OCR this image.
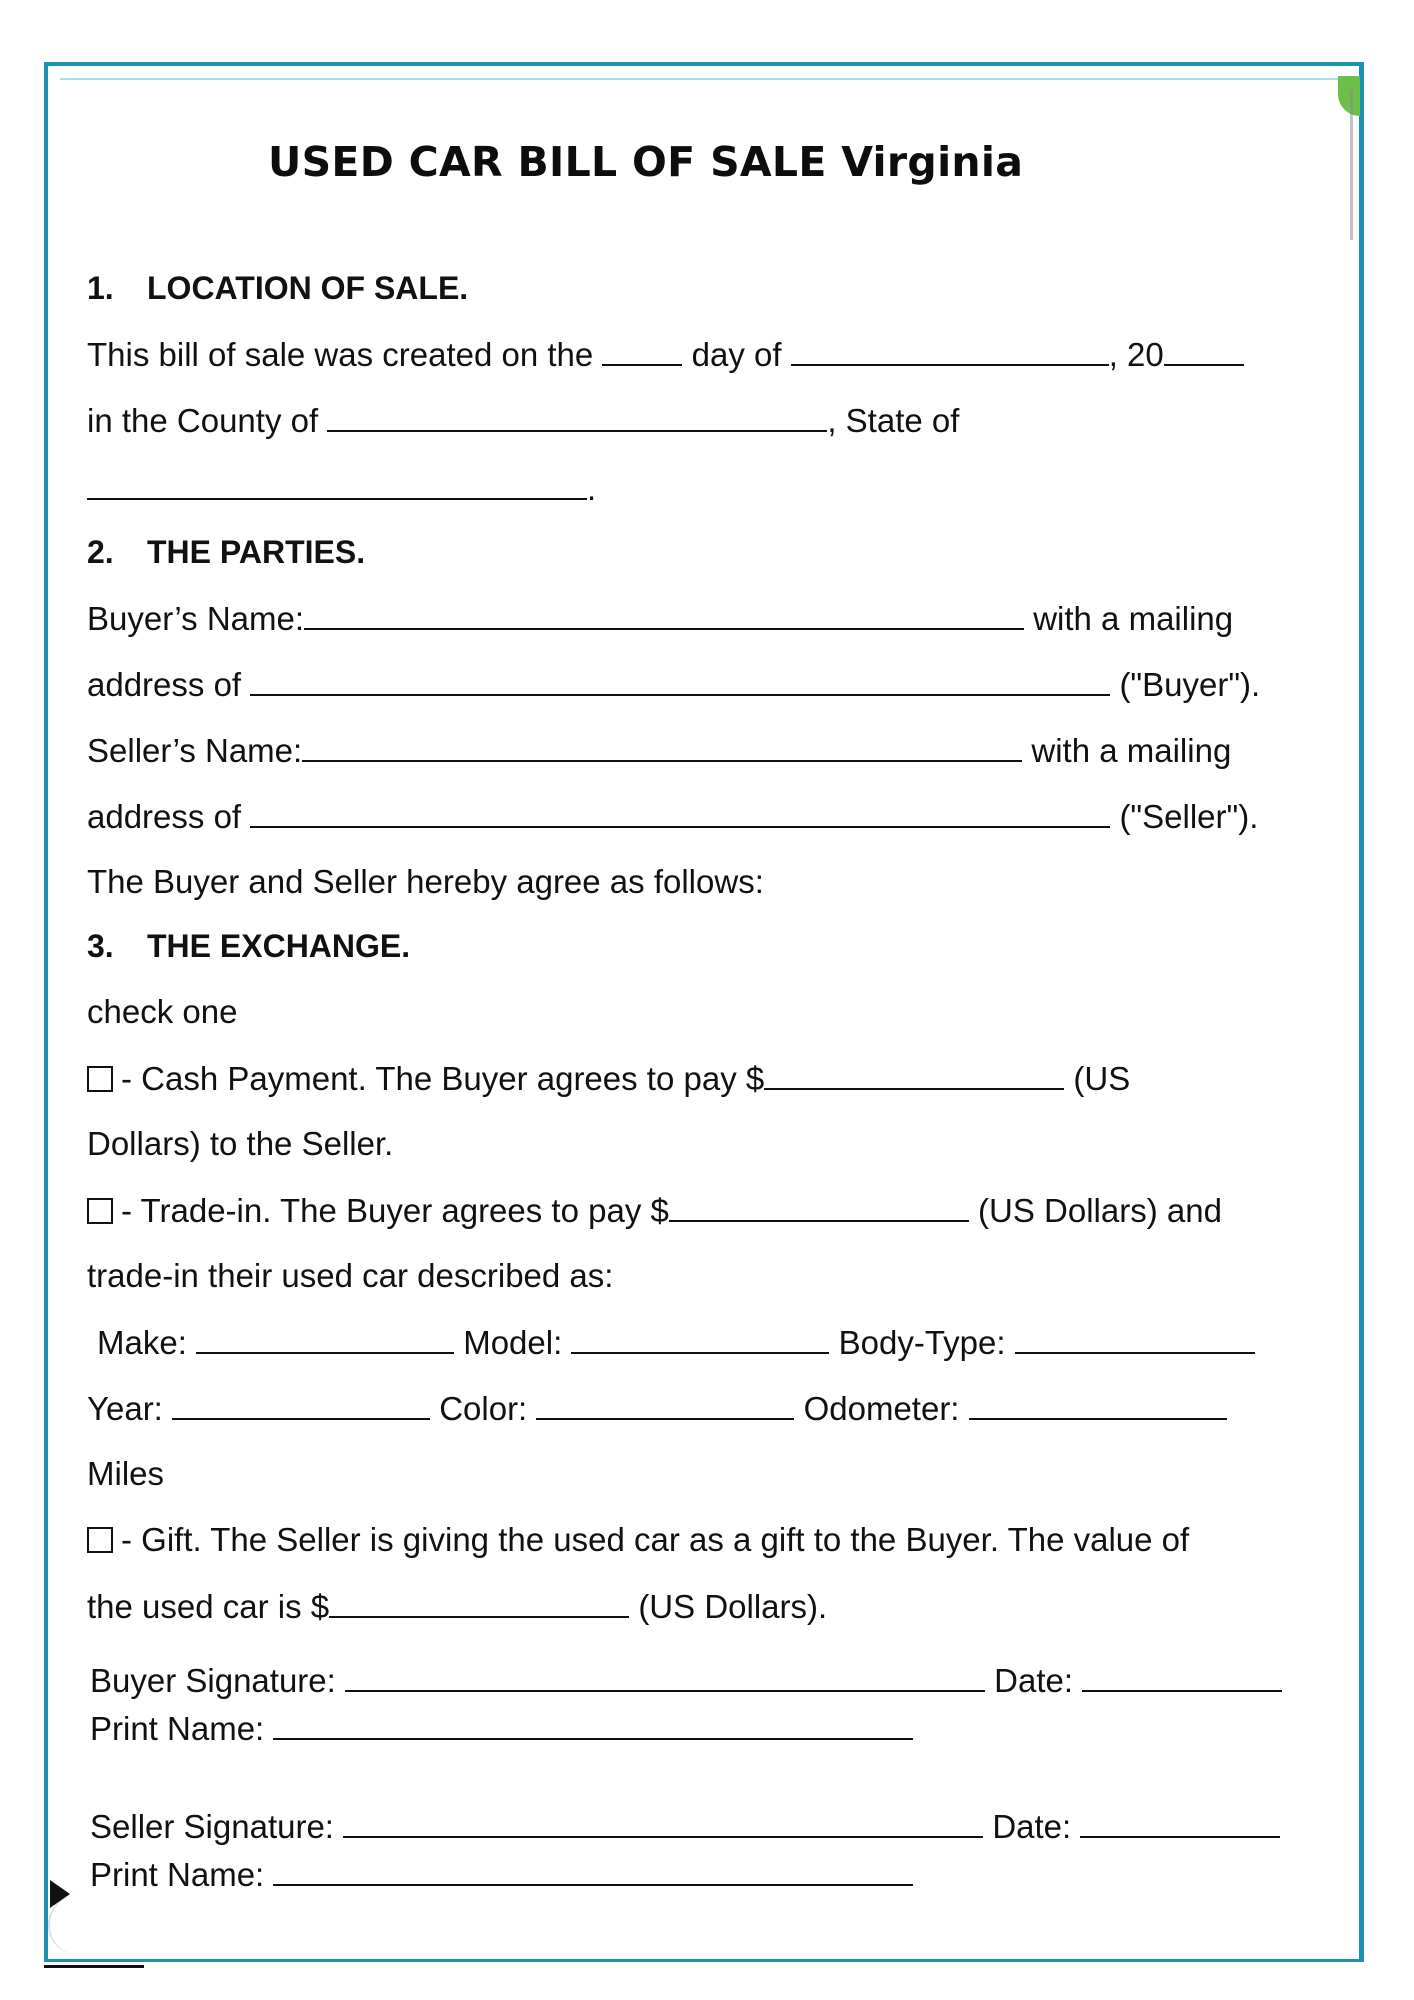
USED CAR BILL OF SALE Virginia
1. LOCATION OF SALE.
This bill of sale was created on the	day of	, 20
in the County of	, State of
.
2. THE PARTIES.
Buyer’s Name:	with a mailing
address of	("Buyer").
Seller’s Name:	with a mailing
address of	("Seller").
The Buyer and Seller hereby agree as follows:
3. THE EXCHANGE.
check one
- Cash Payment. The Buyer agrees to pay $	(US
Dollars) to the Seller.
- Trade-in. The Buyer agrees to pay $	(US Dollars) and
trade-in their used car described as:
Make:	Model:	Body-Type:
Year:	Color:	Odometer:
Miles
- Gift. The Seller is giving the used car as a gift to the Buyer. The value of
the used car is $	(US Dollars).
Buyer Signature:	Date:
Print Name:
Seller Signature:	Date:
Print Name:
